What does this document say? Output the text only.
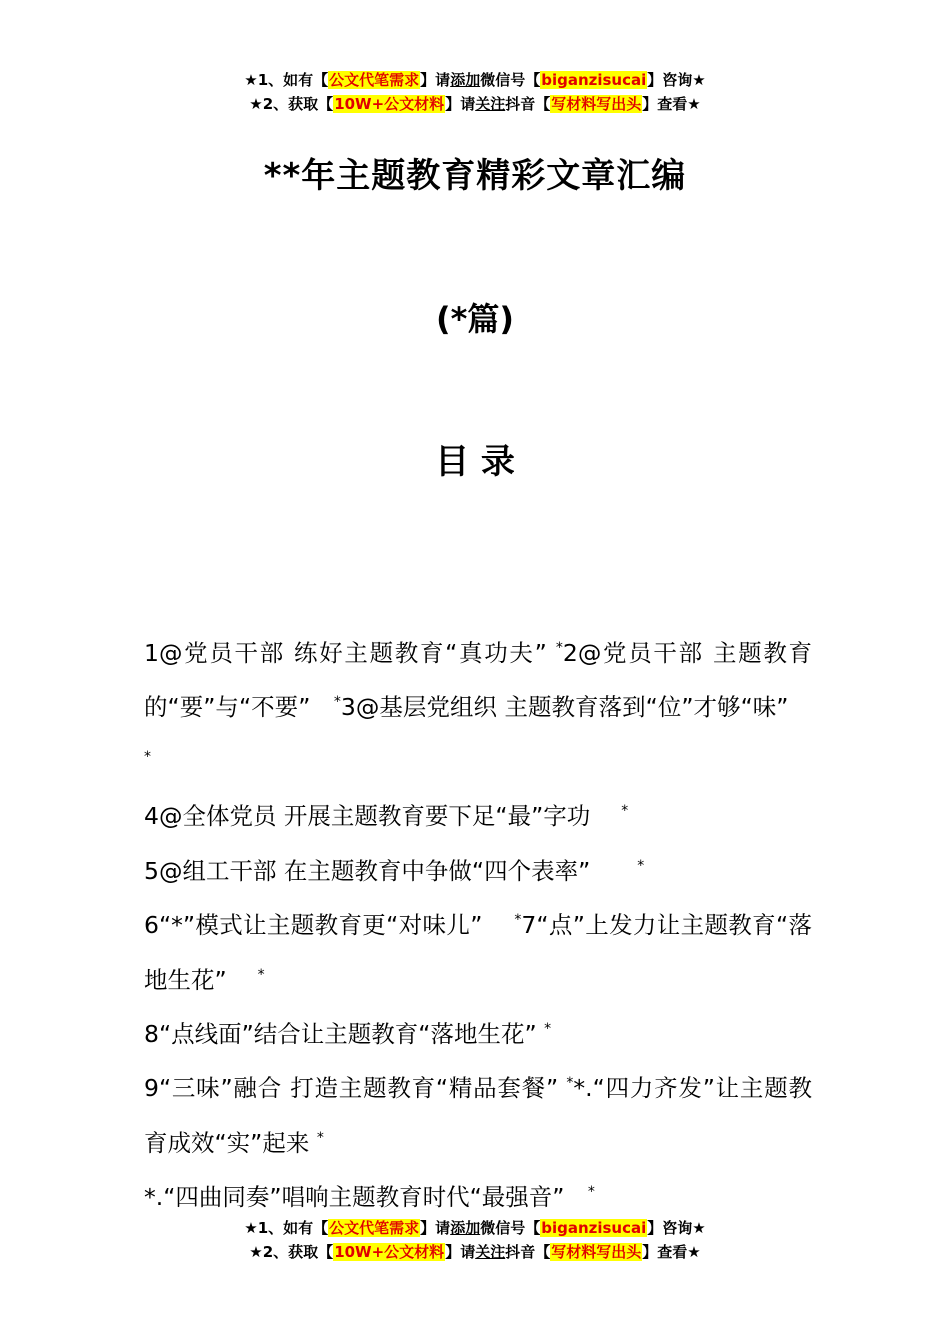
★1、如有【公文代笔需求】请添加微信号【biganzisucai】咨询★
★2、获取【10W+公文材料】请关注抖音【写材料写出头】查看★
**年主题教育精彩文章汇编
(*篇)
目 录

1@党员干部 练好主题教育“真功夫” *2@党员干部 主题教育的“要”与“不要”　*3@基层党组织 主题教育落到“位”才够“味”　 *

4@全体党员 开展主题教育要下足“最”字功　 *

5@组工干部 在主题教育中争做“四个表率”　　*

6“*”模式让主题教育更“对味儿”　 *7“点”上发力让主题教育“落地生花”　 *

8“点线面”结合让主题教育“落地生花” *

9“三味”融合 打造主题教育“精品套餐” **.“四力齐发”让主题教育成效“实”起来 *

*.“四曲同奏”唱响主题教育时代“最强音”　*

★1、如有【公文代笔需求】请添加微信号【biganzisucai】咨询★
★2、获取【10W+公文材料】请关注抖音【写材料写出头】查看★
